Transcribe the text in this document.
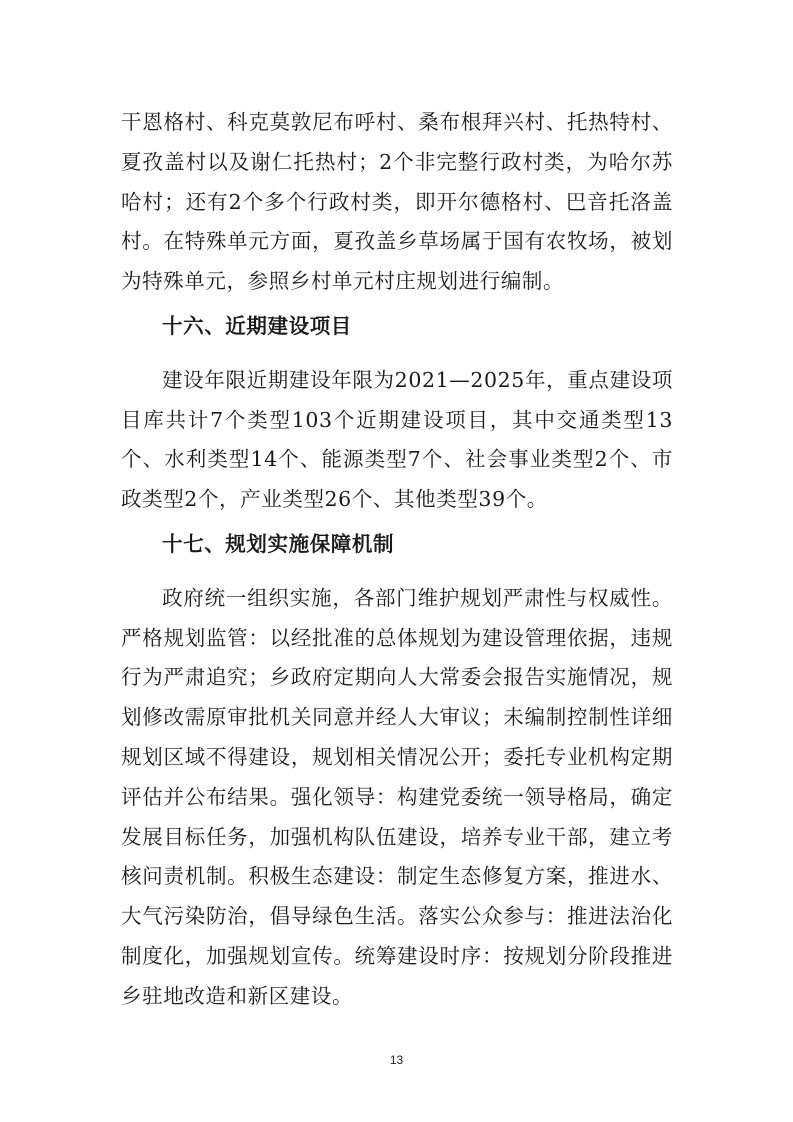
干恩格村、科克莫敦尼布呼村、桑布根拜兴村、托热特村、夏孜盖村以及谢仁托热村；2个非完整行政村类，为哈尔苏哈村；还有2个多个行政村类，即开尔德格村、巴音托洛盖村。在特殊单元方面，夏孜盖乡草场属于国有农牧场，被划为特殊单元，参照乡村单元村庄规划进行编制。

十六、近期建设项目

建设年限近期建设年限为2021—2025年，重点建设项目库共计7个类型103个近期建设项目，其中交通类型13个、水利类型14个、能源类型7个、社会事业类型2个、市政类型2个，产业类型26个、其他类型39个。

十七、规划实施保障机制

政府统一组织实施，各部门维护规划严肃性与权威性。严格规划监管：以经批准的总体规划为建设管理依据，违规行为严肃追究；乡政府定期向人大常委会报告实施情况，规划修改需原审批机关同意并经人大审议；未编制控制性详细规划区域不得建设，规划相关情况公开；委托专业机构定期评估并公布结果。强化领导：构建党委统一领导格局，确定发展目标任务，加强机构队伍建设，培养专业干部，建立考核问责机制。积极生态建设：制定生态修复方案，推进水、大气污染防治，倡导绿色生活。落实公众参与：推进法治化制度化，加强规划宣传。统筹建设时序：按规划分阶段推进乡驻地改造和新区建设。

13
